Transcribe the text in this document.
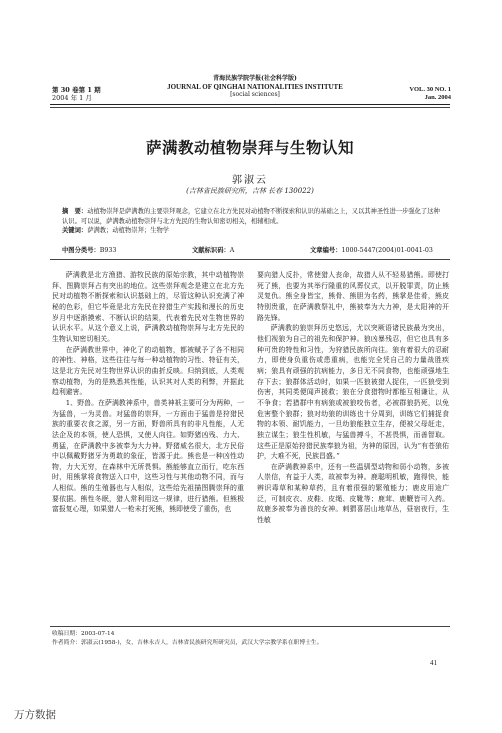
第 30 卷第 1 期
2004 年 1 月
青海民族学院学报(社会科学版)
JOURNAL OF QINGHAI NATIONALITIES INSTITUTE
[social sciences]
VOL. 30 NO. 1
Jan. 2004
萨满教动植物崇拜与生物认知
郭淑云
(吉林省民族研究所，吉林 长春 130022)
摘　要：动植物崇拜是萨满教的主要崇拜观念，它建立在北方先民对动植物不断探索和认识的基础之上，又以其神圣性进一步强化了这种认识。可以说，萨满教动植物崇拜与北方先民的生物认知密切相关，相辅相成。
关键词：萨满教；动植物崇拜；生物学
中图分类号：B933	文献标识码：A	文章编号：1000-5447(2004)01-0041-03

萨满教是北方渔猎、游牧民族的原始宗教，其中动植物崇拜、图腾崇拜占有突出的地位。这些崇拜观念是建立在北方先民对动植物不断探索和认识基础上的，尽管这种认识充满了神秘的色彩，但它毕竟是北方先民在狩猎生产实践和漫长的历史岁月中逐渐摸索、不断认识的结果，代表着先民对生物世界的认识水平。从这个意义上说，萨满教动植物崇拜与北方先民的生物认知密切相关。

在萨满教世界中，神化了的动植物，都被赋予了各不相同的神性、神格，这些往往与每一种动植物的习性、特征有关，这是北方先民对生物世界认识的曲折反映。归纳到底，人类观察动植物，为的是熟悉其性能，认识其对人类的利弊，并据此趋利避害。

1、野兽。在萨满教神系中，兽类神祇主要可分为两种，一为猛兽，一为灵兽。对猛兽的崇拜，一方面由于猛兽是狩猎民族的重要衣食之源，另一方面，野兽所具有的非凡性能，人无法企及的本领，使人恐惧，又使人向往。如野猪凶残、力大、勇猛，在萨满教中多被奉为大力神。野猪威名很大，北方民俗中以佩戴野猪牙为勇敢的象征，皆源于此。熊也是一种凶性动物，力大无穷，在森林中无所畏惧。熊能够直立而行，吃东西时，用熊掌将食物送入口中，这些习性与其他动物不同，而与人相似。熊的生殖器也与人相似，这些给先祖描图腾崇拜的重要依据。熊性冬眠，猎人常利用这一规律，进行猎熊。但熊极富报复心理，如果猎人一枪未打死熊，熊即使受了重伤，也

要向猎人反扑，常使猎人丧命，故猎人从不轻易猎熊。即使打死了熊，也要为其举行隆重的风葬仪式，以开脱罪责，防止熊灵复仇。熊全身皆宝，熊骨、熊胆为名药，熊掌是佳肴，熊皮特别贵重，在萨满教祭礼中，熊被奉为大力神，是太阳神的开路先锋。

萨满教的狼崇拜历史悠远，尤以突厥语诸民族最为突出，他们视狼为自己的祖先和保护神。狼凶暴残忍，但它也具有多种可贵的特性和习性，为狩猎民族所向往。狼有着很大的忍耐力，即使身负重伤或患重病，也能完全凭自己的力量战胜疾病；狼具有顽强的抗病能力，多日无不同食物，也能顽强地生存下去；狼群体活动时，如果一匹狼被猎人捉住，一匹狼受到伤害，其同类便闻声援救；狼在分食猎物时都能互相谦让，从不争食；若猎群中有病狼或被狼咬伤者，必被群狼扔死，以免危害整个狼群；狼对幼狼的训练也十分周到，训练它们捕捉食物的本领、耐饥能力，一旦幼狼能独立生存，便被父母赶走，独立谋生；狼生性机敏，与猛兽搏斗，不甚畏惧，而善智取。这些正是原始狩猎民族奉狼为祖，为神的原因，认为“有苍狼佑护，大难不死，民族昌盛。”

在萨满教神系中，还有一些温驯型动物和弱小动物，多被人崇信，有益于人类，故被奉为神。鹿聪明机敏，跑得快，能辨识毒草和某种草药，且有着很强的繁殖能力；鹿皮用途广泛，可制皮衣、皮鞋、皮绳、皮靴等；鹿茸、鹿鞭皆可入药。故鹿多被奉为善良的女神。刺猬喜居山地草丛，昼宿夜行，生性敏

收稿日期：2003-07-14
作者简介：郭淑云(1958-)，女，吉林永吉人，吉林省民族研究所研究员，武汉大学宗教学系在职博士生。
41
万方数据
